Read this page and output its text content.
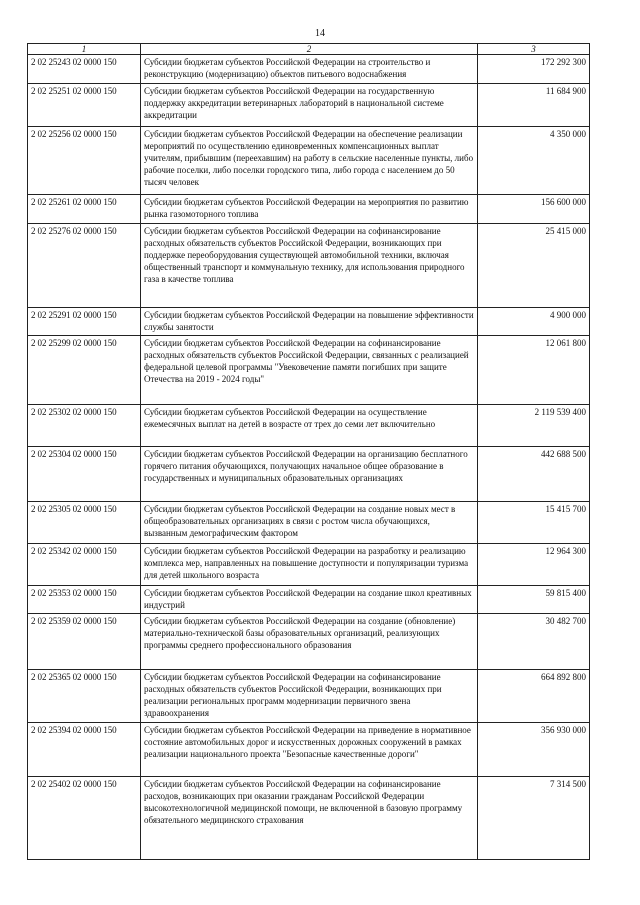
14
1	2	3
2 02 25243 02 0000 150	Субсидии бюджетам субъектов Российской Федерации на строительство и реконструкцию (модернизацию) объектов питьевого водоснабжения	172 292 300
2 02 25251 02 0000 150	Субсидии бюджетам субъектов Российской Федерации на государственную поддержку аккредитации ветеринарных лабораторий в национальной системе аккредитации	11 684 900
2 02 25256 02 0000 150	Субсидии бюджетам субъектов Российской Федерации на обеспечение реализации мероприятий по осуществлению единовременных компенсационных выплат учителям, прибывшим (переехавшим) на работу в сельские населенные пункты, либо рабочие поселки, либо поселки городского типа, либо города с населением до 50 тысяч человек	4 350 000
2 02 25261 02 0000 150	Субсидии бюджетам субъектов Российской Федерации на мероприятия по развитию рынка газомоторного топлива	156 600 000
2 02 25276 02 0000 150	Субсидии бюджетам субъектов Российской Федерации на софинансирование расходных обязательств субъектов Российской Федерации, возникающих при поддержке переоборудования существующей автомобильной техники, включая общественный транспорт и коммунальную технику, для использования природного газа в качестве топлива	25 415 000
2 02 25291 02 0000 150	Субсидии бюджетам субъектов Российской Федерации на повышение эффективности службы занятости	4 900 000
2 02 25299 02 0000 150	Субсидии бюджетам субъектов Российской Федерации на софинансирование расходных обязательств субъектов Российской Федерации, связанных с реализацией федеральной целевой программы "Увековечение памяти погибших при защите Отечества на 2019 - 2024 годы"	12 061 800
2 02 25302 02 0000 150	Субсидии бюджетам субъектов Российской Федерации на осуществление ежемесячных выплат на детей в возрасте от трех до семи лет включительно	2 119 539 400
2 02 25304 02 0000 150	Субсидии бюджетам субъектов Российской Федерации на организацию бесплатного горячего питания обучающихся, получающих начальное общее образование в государственных и муниципальных образовательных организациях	442 688 500
2 02 25305 02 0000 150	Субсидии бюджетам субъектов Российской Федерации на создание новых мест в общеобразовательных организациях в связи с ростом числа обучающихся, вызванным демографическим фактором	15 415 700
2 02 25342 02 0000 150	Субсидии бюджетам субъектов Российской Федерации на разработку и реализацию комплекса мер, направленных на повышение доступности и популяризации туризма для детей школьного возраста	12 964 300
2 02 25353 02 0000 150	Субсидии бюджетам субъектов Российской Федерации на создание школ креативных индустрий	59 815 400
2 02 25359 02 0000 150	Субсидии бюджетам субъектов Российской Федерации на создание (обновление) материально-технической базы образовательных организаций, реализующих программы среднего профессионального образования	30 482 700
2 02 25365 02 0000 150	Субсидии бюджетам субъектов Российской Федерации на софинансирование расходных обязательств субъектов Российской Федерации, возникающих при реализации региональных программ модернизации первичного звена здравоохранения	664 892 800
2 02 25394 02 0000 150	Субсидии бюджетам субъектов Российской Федерации на приведение в нормативное состояние автомобильных дорог и искусственных дорожных сооружений в рамках реализации национального проекта "Безопасные качественные дороги"	356 930 000
2 02 25402 02 0000 150	Субсидии бюджетам субъектов Российской Федерации на софинансирование расходов, возникающих при оказании гражданам Российской Федерации высокотехнологичной медицинской помощи, не включенной в базовую программу обязательного медицинского страхования	7 314 500
